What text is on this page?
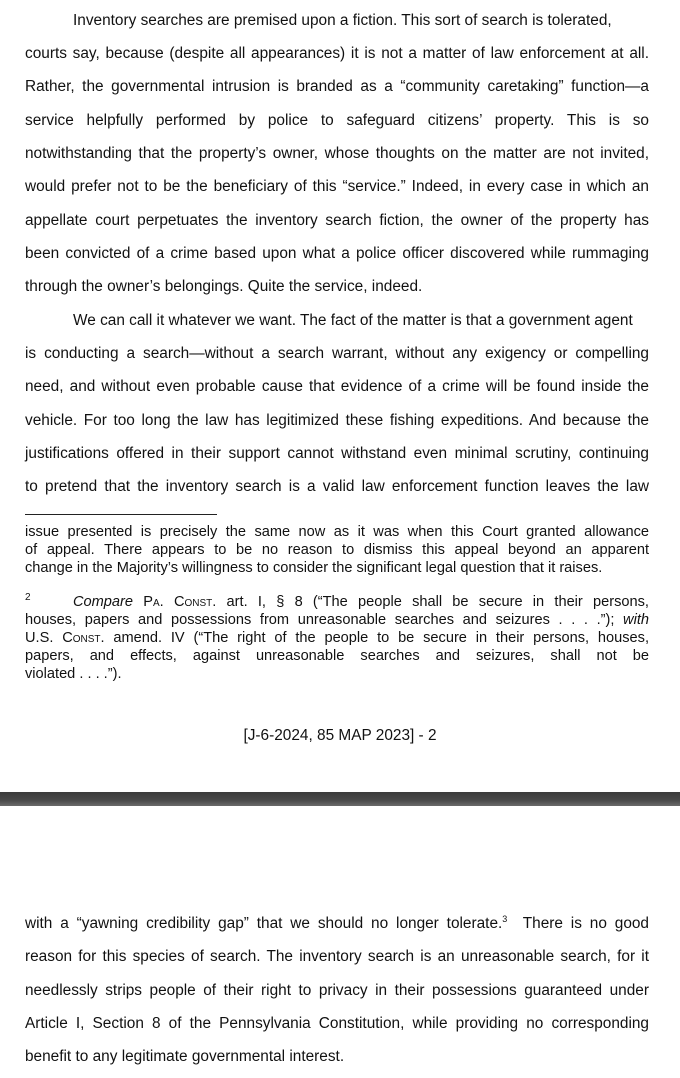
Inventory searches are premised upon a fiction. This sort of search is tolerated,
courts say, because (despite all appearances) it is not a matter of law enforcement at all.
Rather, the governmental intrusion is branded as a “community caretaking” function—a
service helpfully performed by police to safeguard citizens’ property. This is so
notwithstanding that the property’s owner, whose thoughts on the matter are not invited,
would prefer not to be the beneficiary of this “service.” Indeed, in every case in which an
appellate court perpetuates the inventory search fiction, the owner of the property has
been convicted of a crime based upon what a police officer discovered while rummaging
through the owner’s belongings. Quite the service, indeed.
We can call it whatever we want. The fact of the matter is that a government agent
is conducting a search—without a search warrant, without any exigency or compelling
need, and without even probable cause that evidence of a crime will be found inside the
vehicle. For too long the law has legitimized these fishing expeditions. And because the
justifications offered in their support cannot withstand even minimal scrutiny, continuing
to pretend that the inventory search is a valid law enforcement function leaves the law
issue presented is precisely the same now as it was when this Court granted allowance
of appeal. There appears to be no reason to dismiss this appeal beyond an apparent
change in the Majority’s willingness to consider the significant legal question that it raises.
2	Compare Pa. Const. art. I, § 8 (“The people shall be secure in their persons,
houses, papers and possessions from unreasonable searches and seizures . . . .”); with
U.S. Const. amend. IV (“The right of the people to be secure in their persons, houses,
papers, and effects, against unreasonable searches and seizures, shall not be
violated . . . .”).
[J-6-2024, 85 MAP 2023] - 2
with a “yawning credibility gap” that we should no longer tolerate.$^3$  There is no good
reason for this species of search. The inventory search is an unreasonable search, for it
needlessly strips people of their right to privacy in their possessions guaranteed under
Article I, Section 8 of the Pennsylvania Constitution, while providing no corresponding
benefit to any legitimate governmental interest.
